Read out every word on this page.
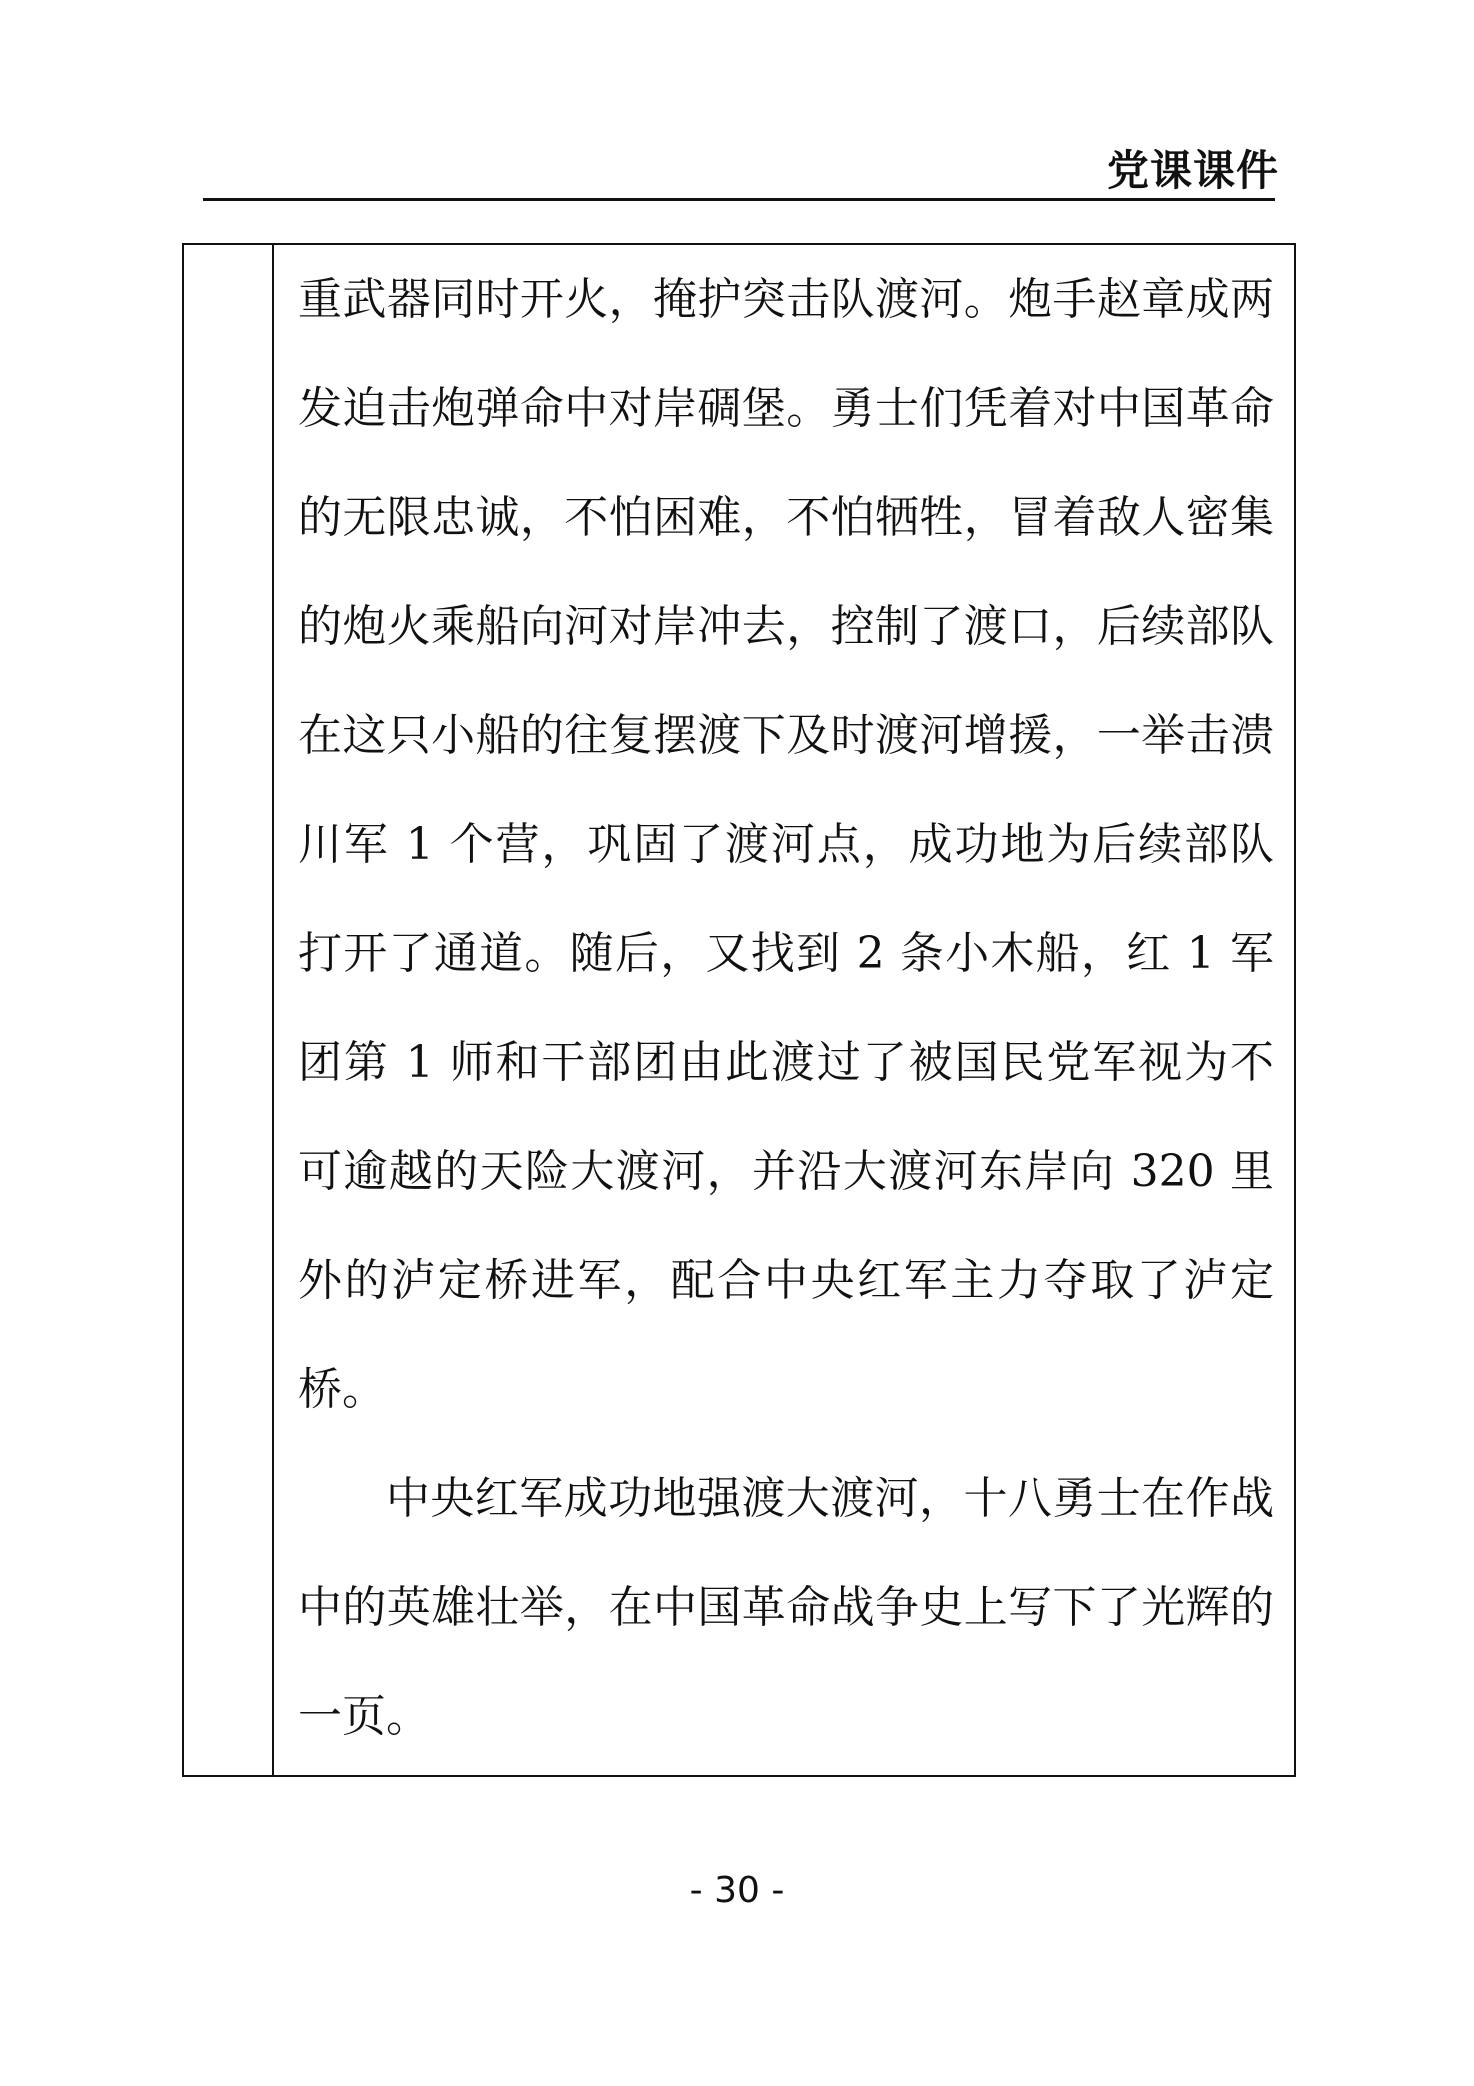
党课课件

重武器同时开火，掩护突击队渡河。炮手赵章成两发迫击炮弹命中对岸碉堡。勇士们凭着对中国革命的无限忠诚，不怕困难，不怕牺牲，冒着敌人密集的炮火乘船向河对岸冲去，控制了渡口，后续部队在这只小船的往复摆渡下及时渡河增援，一举击溃川军 1 个营，巩固了渡河点，成功地为后续部队打开了通道。随后，又找到 2 条小木船，红 1 军团第 1 师和干部团由此渡过了被国民党军视为不可逾越的天险大渡河，并沿大渡河东岸向 320 里外的泸定桥进军，配合中央红军主力夺取了泸定桥。

中央红军成功地强渡大渡河，十八勇士在作战中的英雄壮举，在中国革命战争史上写下了光辉的一页。

- 30 -
